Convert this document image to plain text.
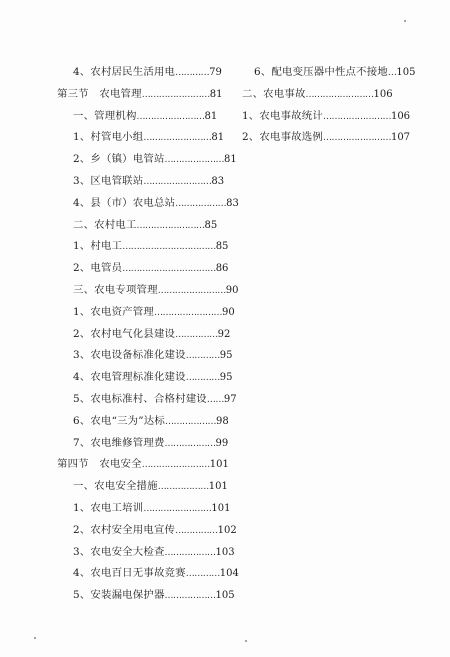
4、农村居民生活用电…………79
第三节　农电管理……………………81
一、管理机构……………………81
1、村管电小组……………………81
2、乡（镇）电管站…………………81
3、区电管联站……………………83
4、县（市）农电总站………………83
二、农村电工……………………85
1、村电工……………………………85
2、电管员……………………………86
三、农电专项管理……………………90
1、农电资产管理……………………90
2、农村电气化县建设……………92
3、农电设备标准化建设…………95
4、农电管理标准化建设…………95
5、农电标准村、合格村建设……97
6、农电“三为”达标………………98
7、农电维修管理费………………99
第四节　农电安全……………………101
一、农电安全措施………………101
1、农电工培训……………………101
2、农村安全用电宣传……………102
3、农电安全大检查………………103
4、农电百日无事故竞赛…………104
5、安装漏电保护器………………105
6、配电变压器中性点不接地…105
二、农电事故……………………106
1、农电事故统计……………………106
2、农电事故选例……………………107
